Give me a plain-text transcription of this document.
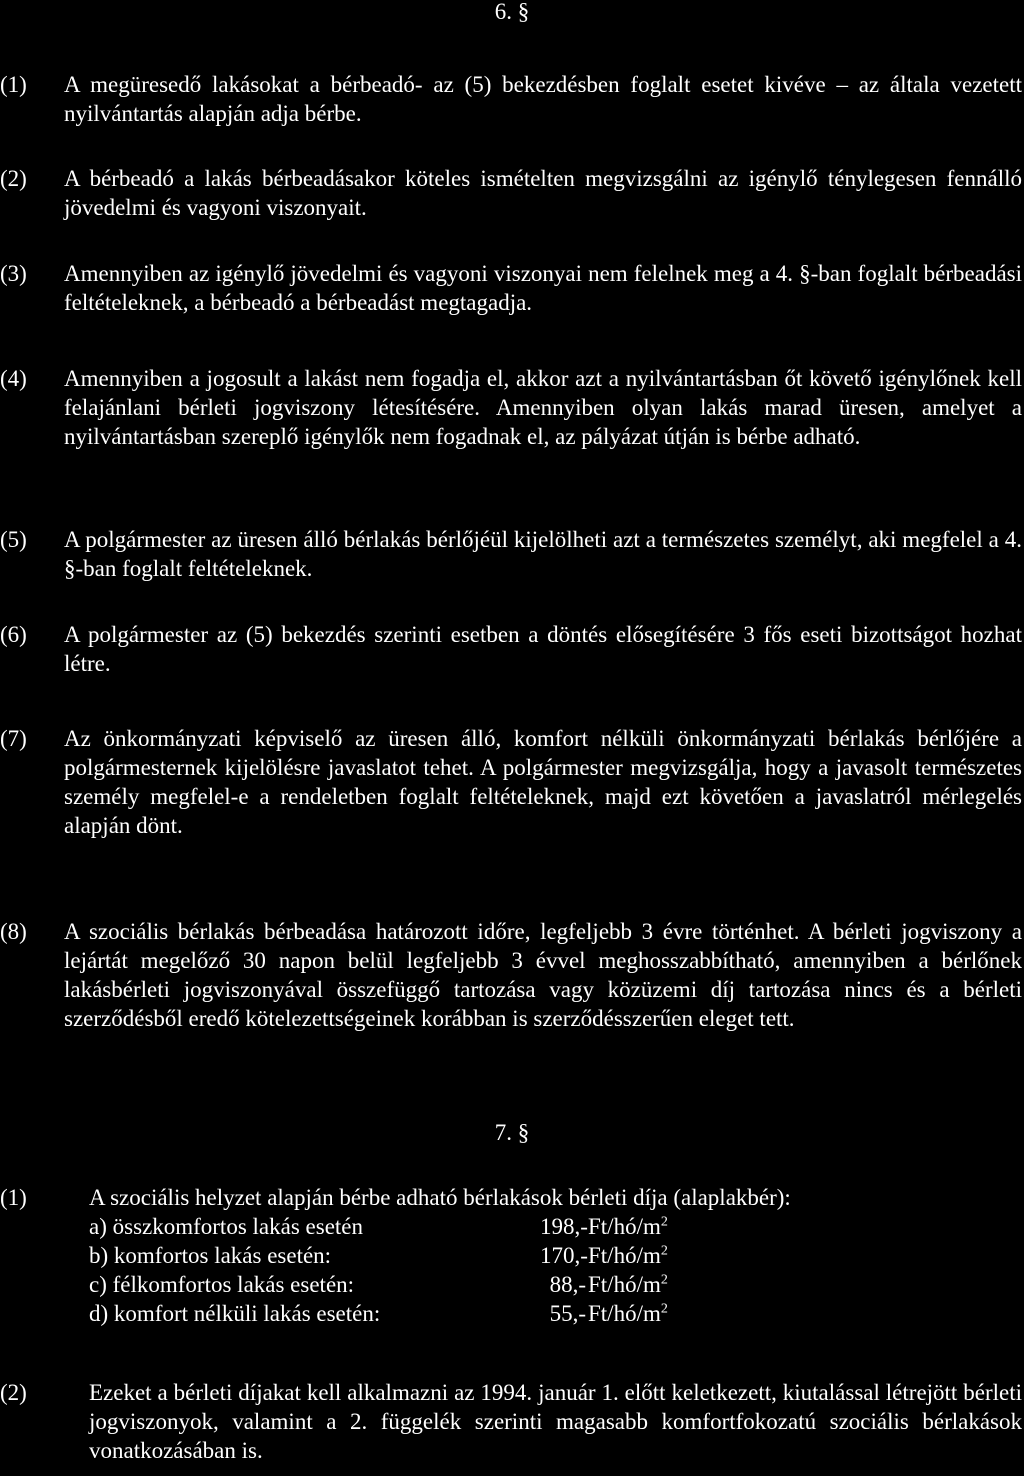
6. §
(1)	A megüresedő lakásokat a bérbeadó- az (5) bekezdésben foglalt esetet kivéve – az általa vezetett nyilvántartás alapján adja bérbe.
(2)	A bérbeadó a lakás bérbeadásakor köteles ismételten megvizsgálni az igénylő ténylegesen fennálló jövedelmi és vagyoni viszonyait.
(3)	Amennyiben az igénylő jövedelmi és vagyoni viszonyai nem felelnek meg a 4. §-ban foglalt bérbeadási feltételeknek, a bérbeadó a bérbeadást megtagadja.
(4)	Amennyiben a jogosult a lakást nem fogadja el, akkor azt a nyilvántartásban őt követő igénylőnek kell felajánlani bérleti jogviszony létesítésére. Amennyiben olyan lakás marad üresen, amelyet a nyilvántartásban szereplő igénylők nem fogadnak el, az pályázat útján is bérbe adható.
(5)	A polgármester az üresen álló bérlakás bérlőjéül kijelölheti azt a természetes személyt, aki megfelel a 4. §-ban foglalt feltételeknek.
(6)	A polgármester az (5) bekezdés szerinti esetben a döntés elősegítésére 3 fős eseti bizottságot hozhat létre.
(7)	Az önkormányzati képviselő az üresen álló, komfort nélküli önkormányzati bérlakás bérlőjére a polgármesternek kijelölésre javaslatot tehet. A polgármester megvizsgálja, hogy a javasolt természetes személy megfelel-e a rendeletben foglalt feltételeknek, majd ezt követően a javaslatról mérlegelés alapján dönt.
(8)	A szociális bérlakás bérbeadása határozott időre, legfeljebb 3 évre történhet. A bérleti jogviszony a lejártát megelőző 30 napon belül legfeljebb 3 évvel meghosszabbítható, amennyiben a bérlőnek lakásbérleti jogviszonyával összefüggő tartozása vagy közüzemi díj tartozása nincs és a bérleti szerződésből eredő kötelezettségeinek korábban is szerződésszerűen eleget tett.
7. §
(1)	A szociális helyzet alapján bérbe adható bérlakások bérleti díja (alaplakbér):
a) összkomfortos lakás esetén	198,- $Ft/hó/m^2$
b) komfortos lakás esetén:	170,- $Ft/hó/m^2$
c) félkomfortos lakás esetén:	88,- $Ft/hó/m^2$
d) komfort nélküli lakás esetén:	55,- $Ft/hó/m^2$
(2)	Ezeket a bérleti díjakat kell alkalmazni az 1994. január 1. előtt keletkezett, kiutalással létrejött bérleti jogviszonyok, valamint a 2. függelék szerinti magasabb komfortfokozatú szociális bérlakások vonatkozásában is.
